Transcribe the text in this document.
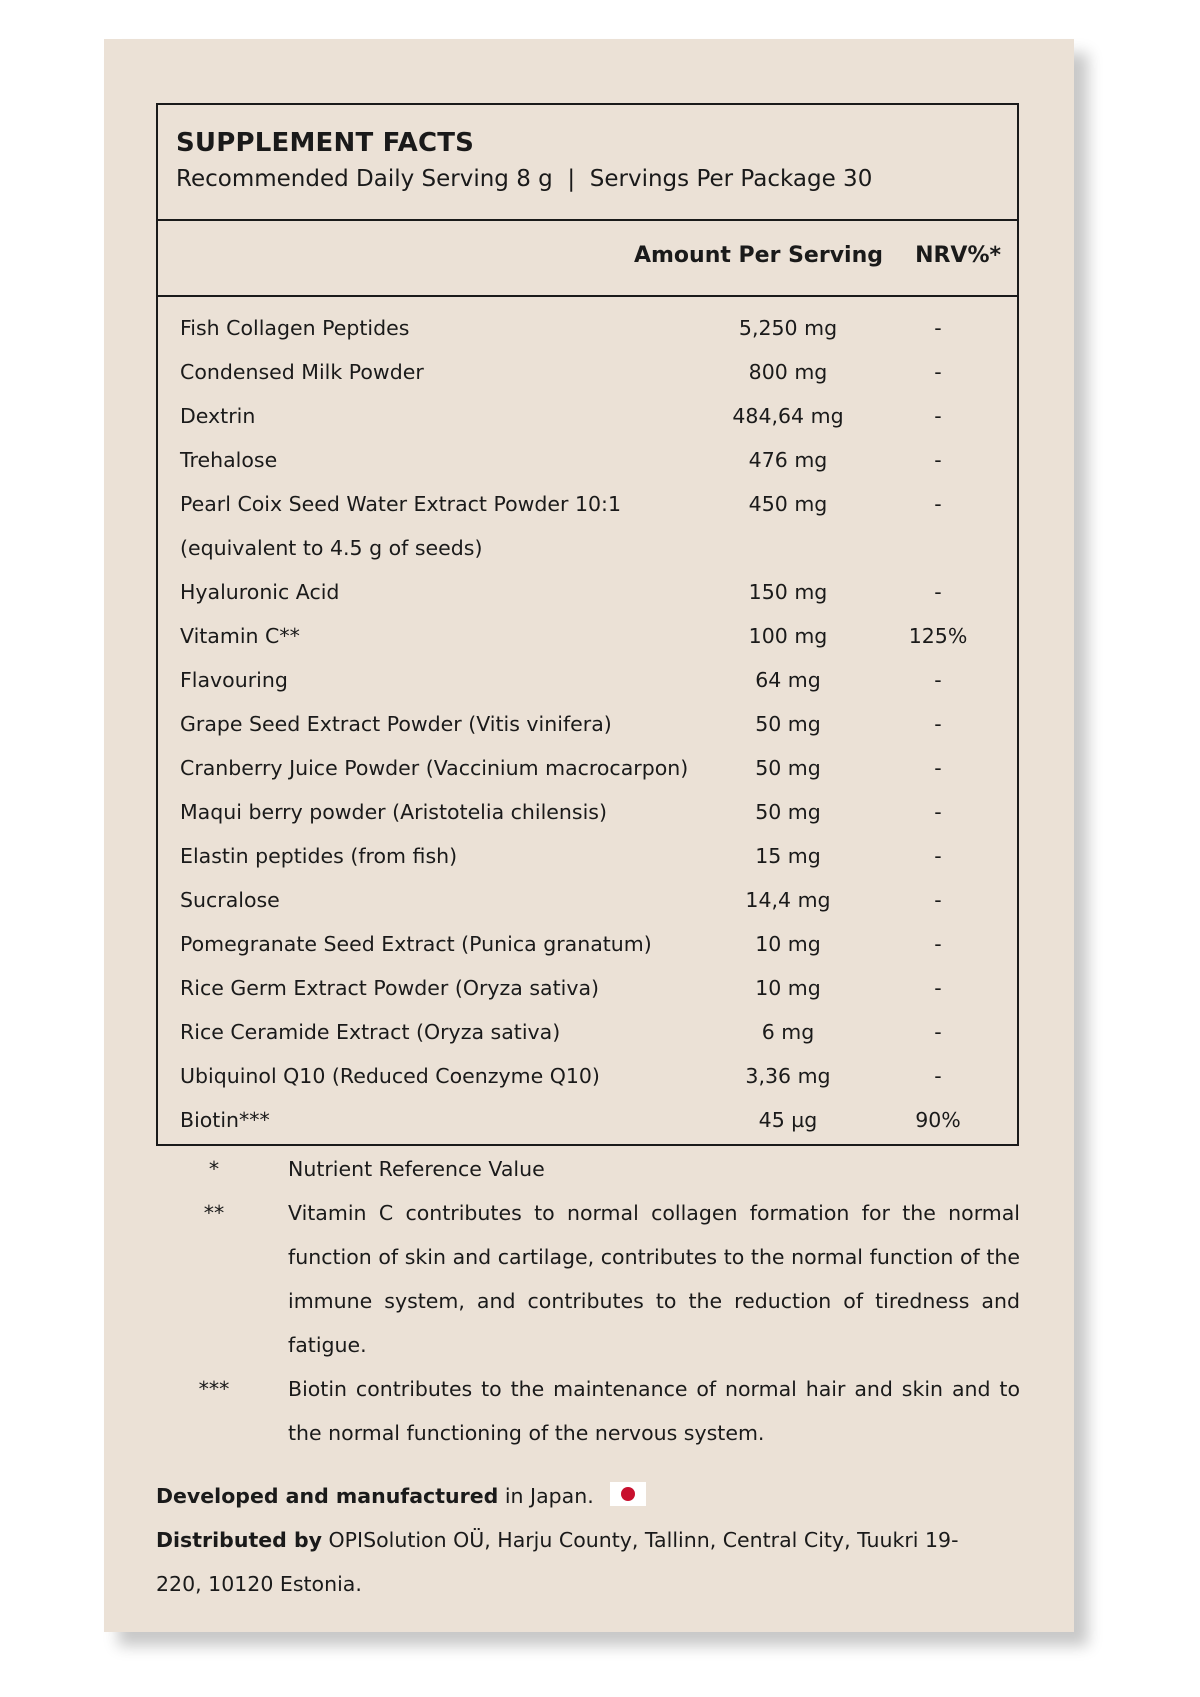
SUPPLEMENT FACTS
Recommended Daily Serving 8 g | Servings Per Package 30
Amount Per Serving NRV%*
Fish Collagen Peptides	5,250 mg	-
Condensed Milk Powder	800 mg	-
Dextrin	484,64 mg	-
Trehalose	476 mg	-
Pearl Coix Seed Water Extract Powder 10:1
(equivalent to 4.5 g of seeds)
450 mg	-
Hyaluronic Acid	150 mg	-
Vitamin C**	100 mg	125%
Flavouring	64 mg	-
Grape Seed Extract Powder (Vitis vinifera)	50 mg	-
Cranberry Juice Powder (Vaccinium macrocarpon)	50 mg	-
Maqui berry powder (Aristotelia chilensis)	50 mg	-
Elastin peptides (from fish)	15 mg	-
Sucralose	14,4 mg	-
Pomegranate Seed Extract (Punica granatum)	10 mg	-
Rice Germ Extract Powder (Oryza sativa)	10 mg	-
Rice Ceramide Extract (Oryza sativa)	6 mg	-
Ubiquinol Q10 (Reduced Coenzyme Q10)	3,36 mg	-
Biotin***	45 µg	90%
*	Nutrient Reference Value
**	Vitamin C contributes to normal collagen formation for the normal function of skin and cartilage, contributes to the normal function of the immune system, and contributes to the reduction of tiredness and fatigue.
***	Biotin contributes to the maintenance of normal hair and skin and to the normal functioning of the nervous system.
Developed and manufactured in Japan.
Distributed by OPISolution OÜ, Harju County, Tallinn, Central City, Tuukri 19-220, 10120 Estonia.
